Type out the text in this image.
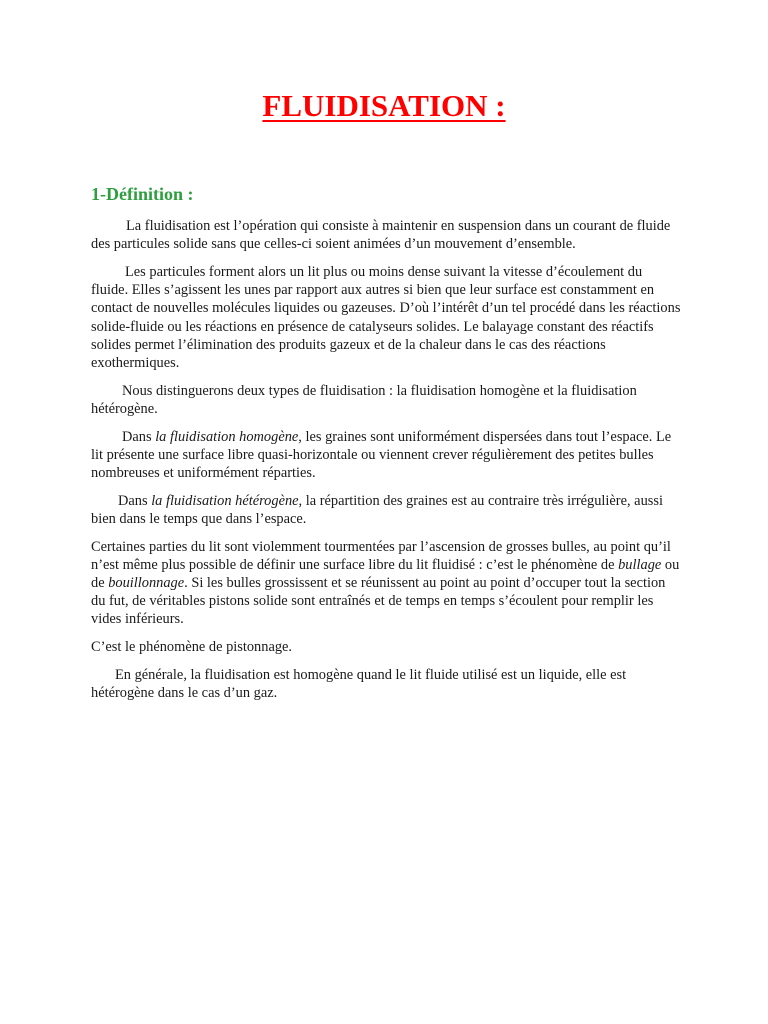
FLUIDISATION :
1-Définition :

La fluidisation est l’opération qui consiste à maintenir en suspension dans un courant de fluide des particules solide sans que celles-ci soient animées d’un mouvement d’ensemble.

Les particules forment alors un lit plus ou moins dense suivant la vitesse d’écoulement du fluide. Elles s’agissent les unes par rapport aux autres si bien que leur surface est constamment en contact de nouvelles molécules liquides ou gazeuses. D’où l’intérêt d’un tel procédé dans les réactions solide-fluide ou les réactions en présence de catalyseurs solides. Le balayage constant des réactifs solides permet l’élimination des produits gazeux et de la chaleur dans le cas des réactions exothermiques.

Nous distinguerons deux types de fluidisation : la fluidisation homogène et la fluidisation hétérogène.

Dans la fluidisation homogène, les graines sont uniformément dispersées dans tout l’espace. Le lit présente une surface libre quasi-horizontale ou viennent crever régulièrement des petites bulles nombreuses et uniformément réparties.

Dans la fluidisation hétérogène, la répartition des graines est au contraire très irrégulière, aussi bien dans le temps que dans l’espace.

Certaines parties du lit sont violemment tourmentées par l’ascension de grosses bulles, au point qu’il n’est même plus possible de définir une surface libre du lit fluidisé : c’est le phénomène de bullage ou de bouillonnage. Si les bulles grossissent et se réunissent au point au point d’occuper tout la section du fut, de véritables pistons solide sont entraînés et de temps en temps s’écoulent pour remplir les vides inférieurs.

C’est le phénomène de pistonnage.

En générale, la fluidisation est homogène quand le lit fluide utilisé est un liquide, elle est hétérogène dans le cas d’un gaz.
